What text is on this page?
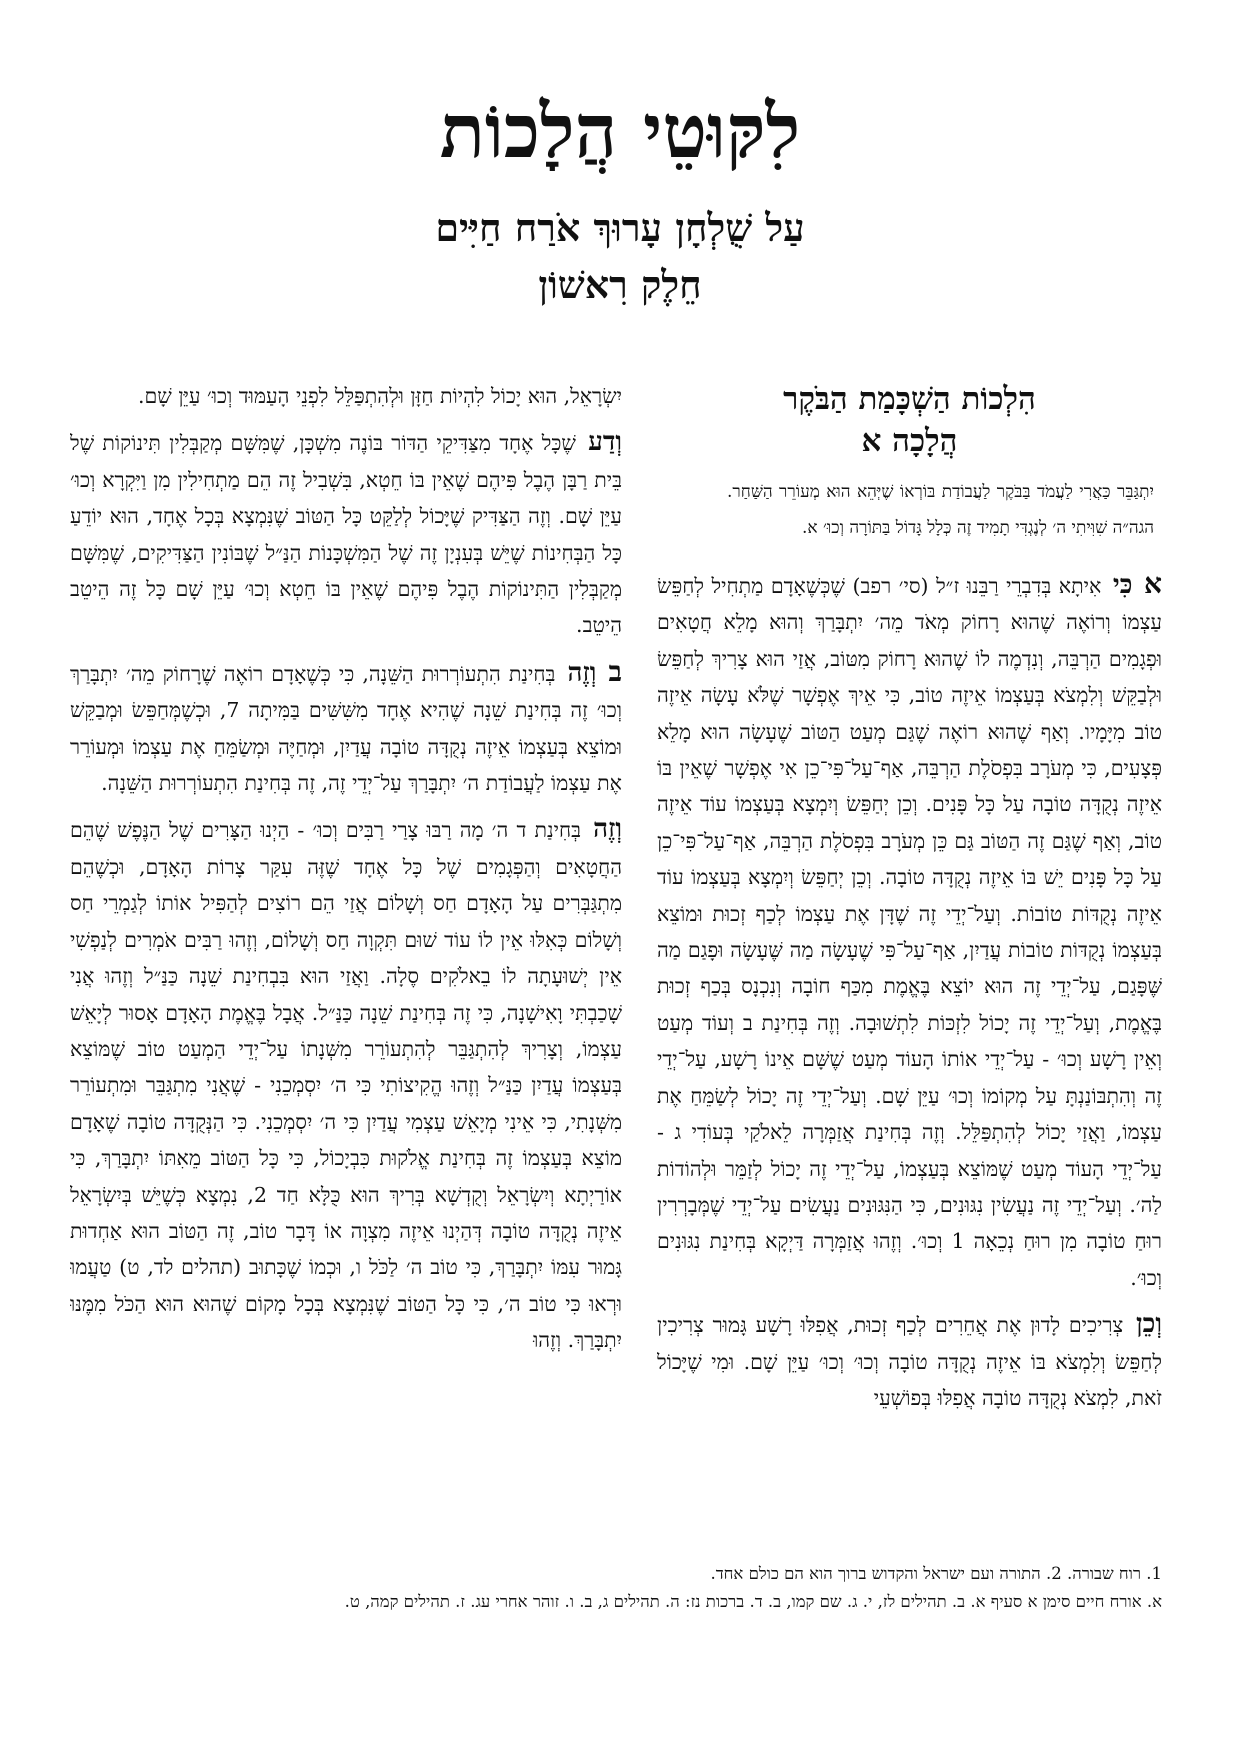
לִקּוּטֵי הֲלָכוֹת
עַל שֻׁלְחָן עָרוּךְ אֹרַח חַיִּים
חֵלֶק רִאשׁוֹן
הִלְכוֹת הַשְׁכָּמַת הַבֹּקֶר
הֲלָכָה א
יִתְגַּבֵּר כַּאֲרִי לַעֲמֹד בַּבֹּקֶר לַעֲבוֹדַת בּוֹרְאוֹ שֶׁיְּהֵא הוּא מְעוֹרֵר הַשַּׁחַר. הגה״ה שִׁוִּיתִי ה׳ לְנֶגְדִּי תָמִיד זֶה כְּלָל גָּדוֹל בַּתּוֹרָה וְכוּ׳ א.

א כִּי אִיתָא בְּדִבְרֵי רַבֵּנוּ ז״ל (סי׳ רפב) שֶׁכְּשֶׁאָדָם מַתְחִיל לְחַפֵּשׂ עַצְמוֹ וְרוֹאֶה שֶׁהוּא רָחוֹק מְאֹד מֵה׳ יִתְבָּרַךְ וְהוּא מָלֵא חֲטָאִים וּפְגָמִים הַרְבֵּה, וְנִדְמֶה לוֹ שֶׁהוּא רָחוֹק מִטּוֹב, אֲזַי הוּא צָרִיךְ לְחַפֵּשׂ וּלְבַקֵּשׁ וְלִמְצֹא בְּעַצְמוֹ אֵיזֶה טוֹב, כִּי אֵיךְ אֶפְשָׁר שֶׁלֹּא עָשָׂה אֵיזֶה טוֹב מִיָּמָיו. וְאַף שֶׁהוּא רוֹאֶה שֶׁגַּם מְעַט הַטּוֹב שֶׁעָשָׂה הוּא מָלֵא פְּצָעִים, כִּי מְעֹרָב בִּפְסֹלֶת הַרְבֵּה, אַף־עַל־פִּי־כֵן אִי אֶפְשָׁר שֶׁאֵין בּוֹ אֵיזֶה נְקֻדָּה טוֹבָה עַל כָּל פָּנִים. וְכֵן יְחַפֵּשׂ וְיִמְצָא בְּעַצְמוֹ עוֹד אֵיזֶה טוֹב, וְאַף שֶׁגַּם זֶה הַטּוֹב גַּם כֵּן מְעֹרָב בִּפְסֹלֶת הַרְבֵּה, אַף־עַל־פִּי־כֵן עַל כָּל פָּנִים יֵשׁ בּוֹ אֵיזֶה נְקֻדָּה טוֹבָה. וְכֵן יְחַפֵּשׂ וְיִמְצָא בְּעַצְמוֹ עוֹד אֵיזֶה נְקֻדּוֹת טוֹבוֹת. וְעַל־יְדֵי זֶה שֶׁדָּן אֶת עַצְמוֹ לְכַף זְכוּת וּמוֹצֵא בְּעַצְמוֹ נְקֻדּוֹת טוֹבוֹת עֲדַיִן, אַף־עַל־פִּי שֶׁעָשָׂה מַה שֶּׁעָשָׂה וּפָגַם מַה שֶּׁפָּגַם, עַל־יְדֵי זֶה הוּא יוֹצֵא בֶּאֱמֶת מִכַּף חוֹבָה וְנִכְנָס בְּכַף זְכוּת בֶּאֱמֶת, וְעַל־יְדֵי זֶה יָכוֹל לִזְכּוֹת לִתְשׁוּבָה. וְזֶה בְּחִינַת ב וְעוֹד מְעַט וְאֵין רָשָׁע וְכוּ׳ - עַל־יְדֵי אוֹתוֹ הָעוֹד מְעַט שֶׁשָּׁם אֵינוֹ רָשָׁע, עַל־יְדֵי זֶה וְהִתְבּוֹנַנְתָּ עַל מְקוֹמוֹ וְכוּ׳ עַיֵּן שָׁם. וְעַל־יְדֵי זֶה יָכוֹל לְשַׂמֵּחַ אֶת עַצְמוֹ, וַאֲזַי יָכוֹל לְהִתְפַּלֵּל. וְזֶה בְּחִינַת אֲזַמְּרָה לֵאלֹקַי בְּעוֹדִי ג - עַל־יְדֵי הָעוֹד מְעַט שֶׁמּוֹצֵא בְּעַצְמוֹ, עַל־יְדֵי זֶה יָכוֹל לְזַמֵּר וּלְהוֹדוֹת לַה׳. וְעַל־יְדֵי זֶה נַעֲשִׂין נִגּוּנִים, כִּי הַנִּגּוּנִים נַעֲשִׂים עַל־יְדֵי שֶׁמְּבָרְרִין רוּחַ טוֹבָה מִן רוּחַ נְכֵאָה 1 וְכוּ׳. וְזֶהוּ אֲזַמְּרָה דַּיְקָא בְּחִינַת נִגּוּנִים וְכוּ׳.

וְכֵן צְרִיכִים לָדוּן אֶת אֲחֵרִים לְכַף זְכוּת, אֲפִלּוּ רָשָׁע גָּמוּר צְרִיכִין לְחַפֵּשׂ וְלִמְצֹא בּוֹ אֵיזֶה נְקֻדָּה טוֹבָה וְכוּ׳ וְכוּ׳ עַיֵּן שָׁם. וּמִי שֶׁיָּכוֹל זֹאת, לִמְצֹא נְקֻדָּה טוֹבָה אֲפִלּוּ בְּפוֹשְׁעֵי

יִשְׂרָאֵל, הוּא יָכוֹל לִהְיוֹת חַזָּן וּלְהִתְפַּלֵּל לִפְנֵי הָעַמּוּד וְכוּ׳ עַיֵּן שָׁם.

וְדַע שֶׁכָּל אֶחָד מִצַּדִּיקֵי הַדּוֹר בּוֹנֶה מִשְׁכָּן, שֶׁמִּשָּׁם מְקַבְּלִין תִּינוֹקוֹת שֶׁל בֵּית רַבָּן הֶבֶל פִּיהֶם שֶׁאֵין בּוֹ חֵטְא, בִּשְׁבִיל זֶה הֵם מַתְחִילִין מִן וַיִּקְרָא וְכוּ׳ עַיֵּן שָׁם. וְזֶה הַצַּדִּיק שֶׁיָּכוֹל לְלַקֵּט כָּל הַטּוֹב שֶׁנִּמְצָא בְּכָל אֶחָד, הוּא יוֹדֵעַ כָּל הַבְּחִינוֹת שֶׁיֵּשׁ בְּעִנְיָן זֶה שֶׁל הַמִּשְׁכָּנוֹת הַנַּ״ל שֶׁבּוֹנִין הַצַּדִּיקִים, שֶׁמִּשָּׁם מְקַבְּלִין הַתִּינוֹקוֹת הֶבֶל פִּיהֶם שֶׁאֵין בּוֹ חֵטְא וְכוּ׳ עַיֵּן שָׁם כָּל זֶה הֵיטֵב הֵיטֵב.

ב וְזֶה בְּחִינַת הִתְעוֹרְרוּת הַשֵּׁנָה, כִּי כְּשֶׁאָדָם רוֹאֶה שֶׁרָחוֹק מֵה׳ יִתְבָּרַךְ וְכוּ׳ זֶה בְּחִינַת שֵׁנָה שֶׁהִיא אֶחָד מִשִּׁשִּׁים בַּמִּיתָה 7, וּכְשֶׁמְּחַפֵּשׂ וּמְבַקֵּשׁ וּמוֹצֵא בְּעַצְמוֹ אֵיזֶה נְקֻדָּה טוֹבָה עֲדַיִן, וּמְחַיֶּה וּמְשַׂמֵּחַ אֶת עַצְמוֹ וּמְעוֹרֵר אֶת עַצְמוֹ לַעֲבוֹדַת ה׳ יִתְבָּרַךְ עַל־יְדֵי זֶה, זֶה בְּחִינַת הִתְעוֹרְרוּת הַשֵּׁנָה.

וְזֶה בְּחִינַת ד ה׳ מָה רַבּוּ צָרַי רַבִּים וְכוּ׳ - הַיְנוּ הַצָּרִים שֶׁל הַנֶּפֶשׁ שֶׁהֵם הַחֲטָאִים וְהַפְּגָמִים שֶׁל כָּל אֶחָד שֶׁזֶּה עִקַּר צָרוֹת הָאָדָם, וּכְשֶׁהֵם מִתְגַּבְּרִים עַל הָאָדָם חַס וְשָׁלוֹם אֲזַי הֵם רוֹצִים לְהַפִּיל אוֹתוֹ לְגַמְרֵי חַס וְשָׁלוֹם כְּאִלּוּ אֵין לוֹ עוֹד שׁוּם תִּקְוָה חַס וְשָׁלוֹם, וְזֶהוּ רַבִּים אֹמְרִים לְנַפְשִׁי אֵין יְשׁוּעָתָה לוֹ בֵאלֹקִים סֶלָה. וַאֲזַי הוּא בִּבְחִינַת שֵׁנָה כַּנַּ״ל וְזֶהוּ אֲנִי שָׁכַבְתִּי וָאִישָׁנָה, כִּי זֶה בְּחִינַת שֵׁנָה כַּנַּ״ל. אֲבָל בֶּאֱמֶת הָאָדָם אָסוּר לְיָאֵשׁ עַצְמוֹ, וְצָרִיךְ לְהִתְגַּבֵּר לְהִתְעוֹרֵר מִשְּׁנָתוֹ עַל־יְדֵי הַמְעַט טוֹב שֶׁמּוֹצֵא בְּעַצְמוֹ עֲדַיִן כַּנַּ״ל וְזֶהוּ הֱקִיצוֹתִי כִּי ה׳ יִסְמְכֵנִי - שֶׁאֲנִי מִתְגַּבֵּר וּמִתְעוֹרֵר מִשְּׁנָתִי, כִּי אֵינִי מְיָאֵשׁ עַצְמִי עֲדַיִן כִּי ה׳ יִסְמְכֵנִי. כִּי הַנְּקֻדָּה טוֹבָה שֶׁאָדָם מוֹצֵא בְּעַצְמוֹ זֶה בְּחִינַת אֱלֹקוּת כִּבְיָכוֹל, כִּי כָּל הַטּוֹב מֵאִתּוֹ יִתְבָּרַךְ, כִּי אוֹרַיְתָא וְיִשְׂרָאֵל וְקֻדְשָׁא בְּרִיךְ הוּא כֻּלָּא חַד 2, נִמְצָא כְּשֶׁיֵּשׁ בְּיִשְׂרָאֵל אֵיזֶה נְקֻדָּה טוֹבָה דְּהַיְנוּ אֵיזֶה מִצְוָה אוֹ דָּבָר טוֹב, זֶה הַטּוֹב הוּא אַחְדוּת גָּמוּר עִמּוֹ יִתְבָּרַךְ, כִּי טוֹב ה׳ לַכֹּל ו, וּכְמוֹ שֶׁכָּתוּב (תהלים לד, ט) טַעֲמוּ וּרְאוּ כִּי טוֹב ה׳, כִּי כָּל הַטּוֹב שֶׁנִּמְצָא בְּכָל מָקוֹם שֶׁהוּא הוּא הַכֹּל מִמֶּנּוּ יִתְבָּרַךְ. וְזֶהוּ

1. רוח שבורה. 2. התורה ועם ישראל והקדוש ברוך הוא הם כולם אחד.
א. אורח חיים סימן א סעיף א. ב. תהילים לז, י. ג. שם קמו, ב. ד. ברכות נז: ה. תהילים ג, ב. ו. זוהר אחרי עג. ז. תהילים קמה, ט.
